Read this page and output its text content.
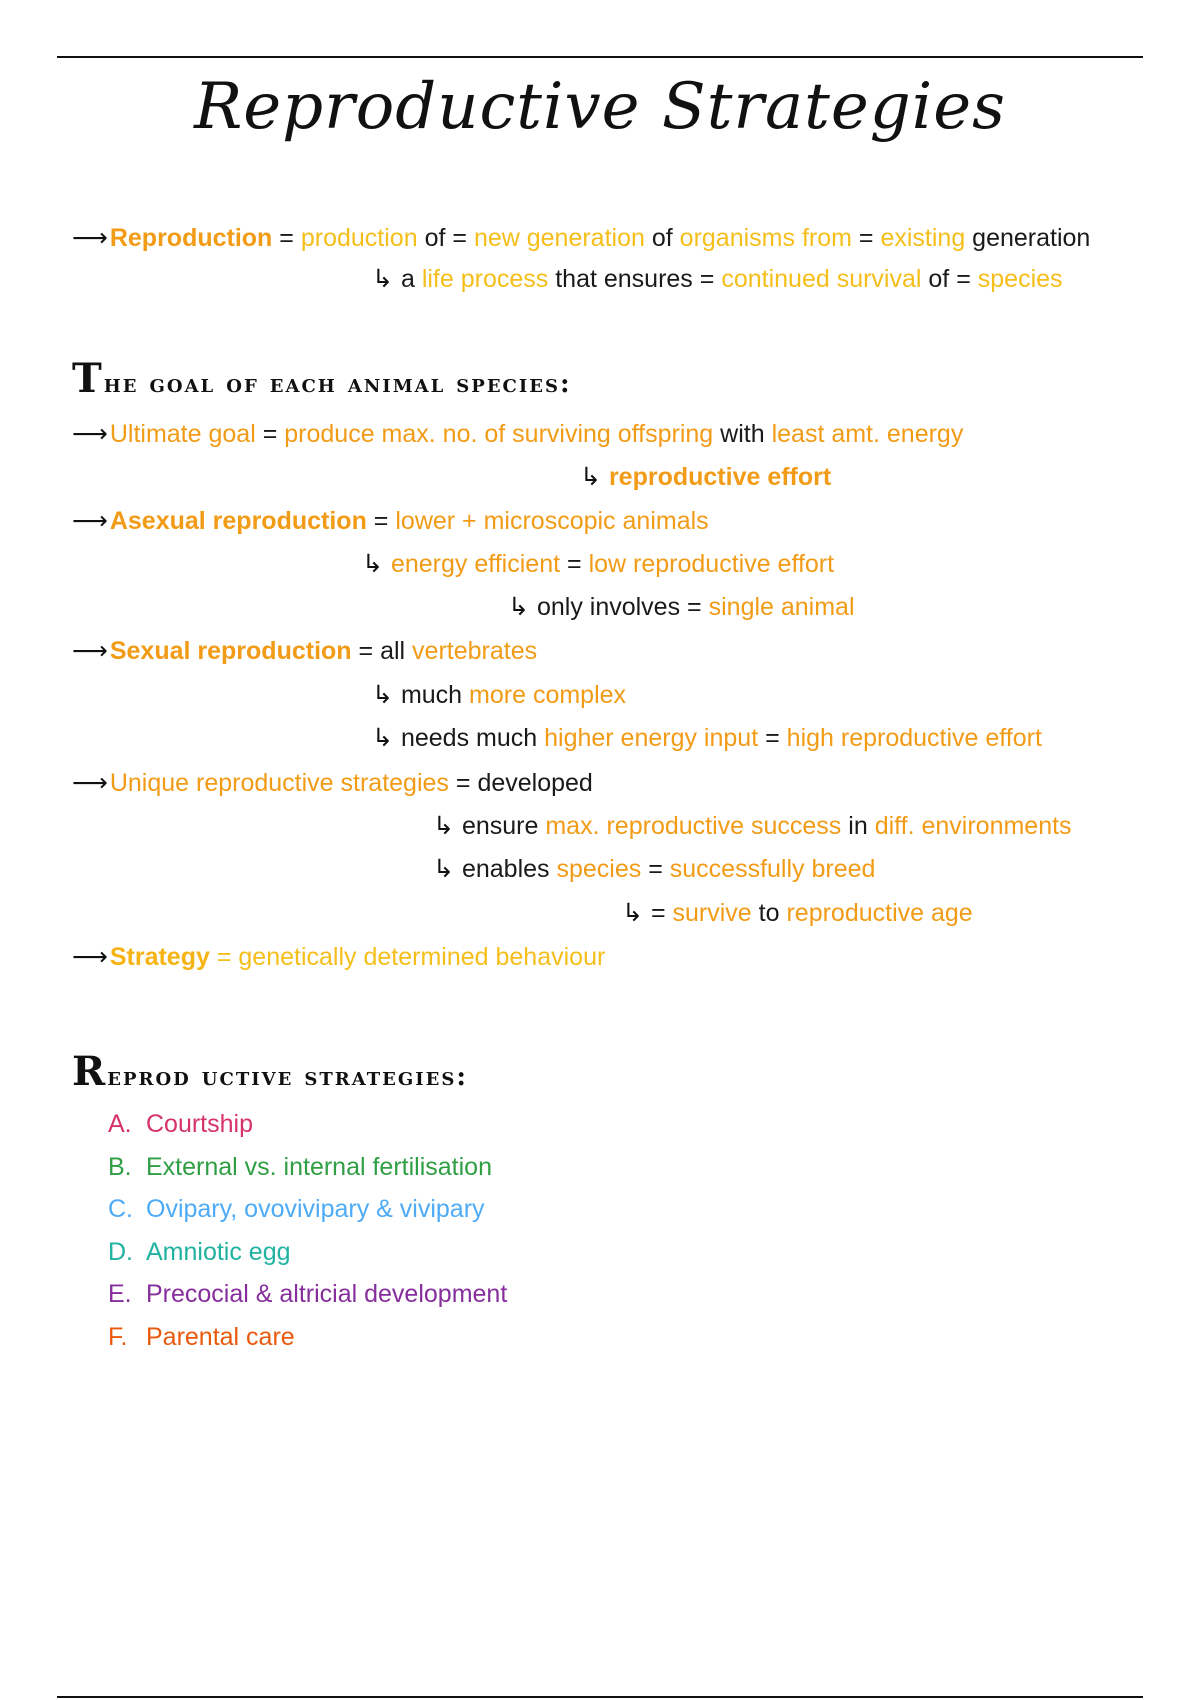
Reproductive Strategies
⟶Reproduction = production of = new generation of organisms from = existing generation
↳ a life process that ensures = continued survival of = species
The goal of each animal species:
⟶Ultimate goal = produce max. no. of surviving offspring with least amt. energy
↳ reproductive effort
⟶Asexual reproduction = lower + microscopic animals
↳ energy efficient = low reproductive effort
↳ only involves = single animal
⟶Sexual reproduction = all vertebrates
↳ much more complex
↳ needs much higher energy input = high reproductive effort
⟶Unique reproductive strategies = developed
↳ ensure max. reproductive success in diff. environments
↳ enables species = successfully breed
↳ = survive to reproductive age
⟶Strategy = genetically determined behaviour
Reprod uctive strategies:
A. Courtship
B. External vs. internal fertilisation
C. Ovipary, ovovivipary & vivipary
D. Amniotic egg
E. Precocial & altricial development
F. Parental care
